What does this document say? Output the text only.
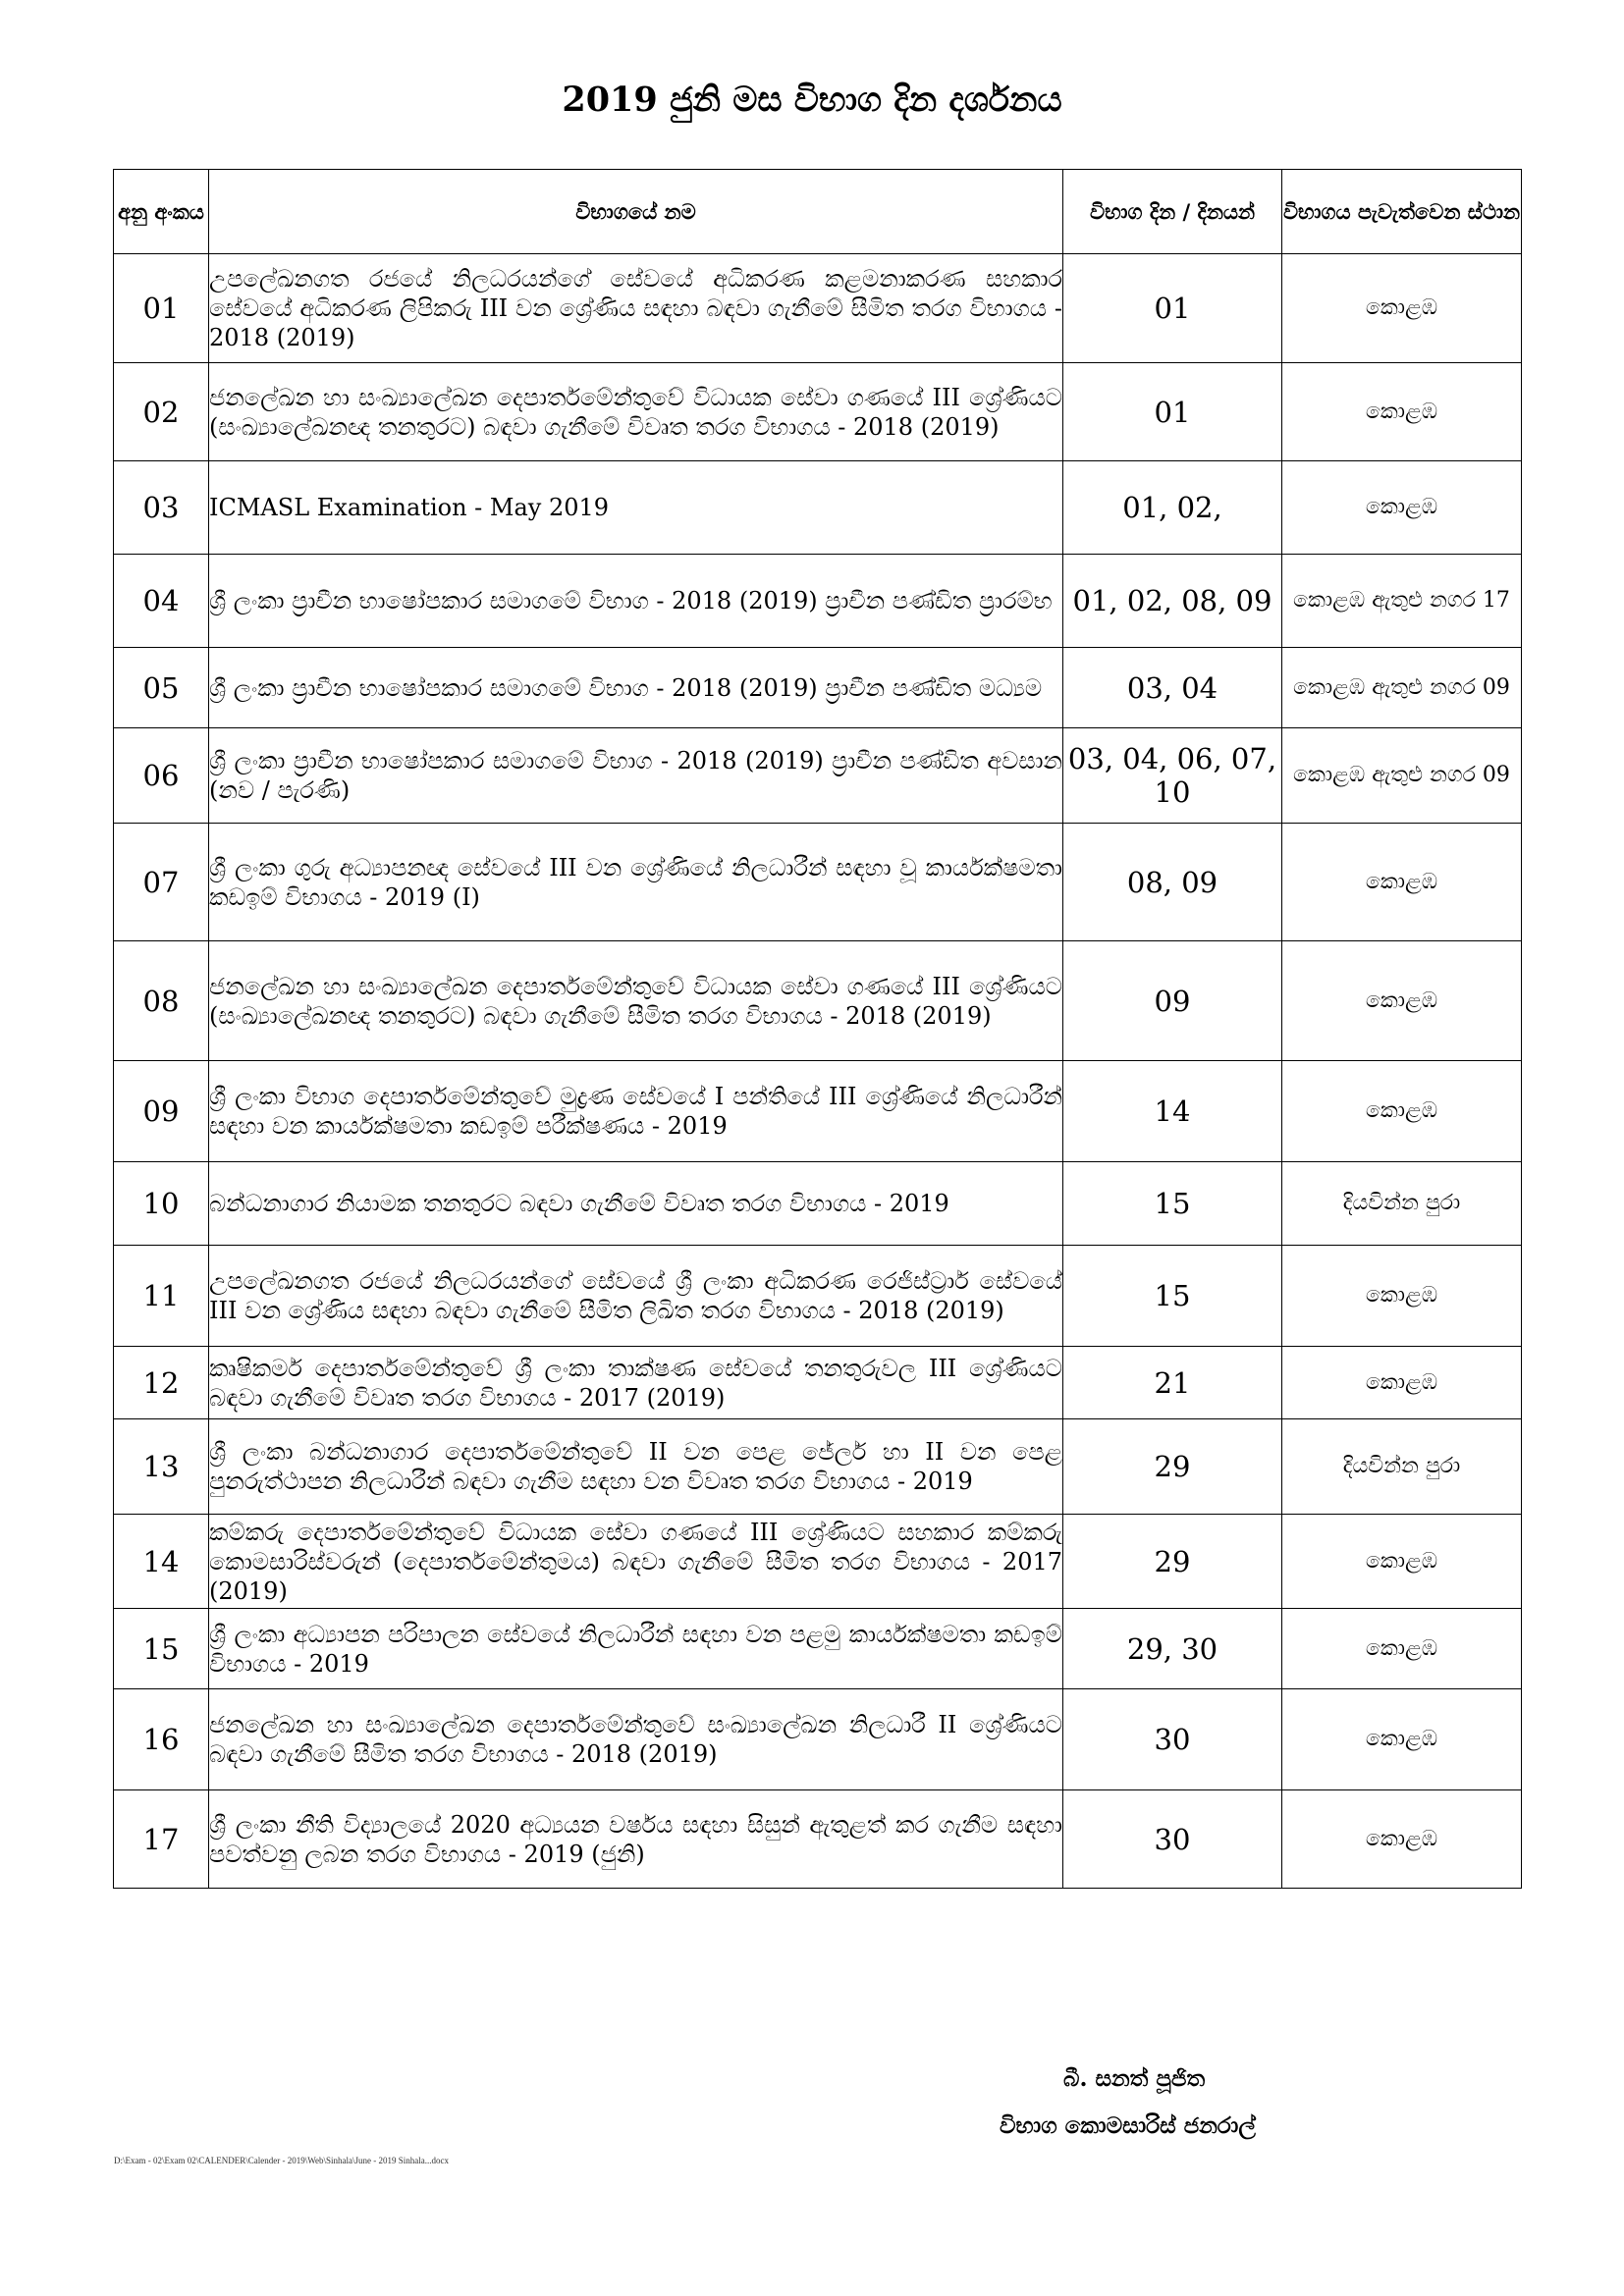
2019 ජුනි මස විභාග දින දර්ශනය
අනු අංකය	විභාගයේ නම	විභාග දින / දිනයන්	විභාගය පැවැත්වෙන ස්ථාන
01	උපලේඛනගත රජයේ නිලධරයන්ගේ සේවයේ අධිකරණ කළමනාකරණ සහකාර සේවයේ අධිකරණ ලිපිකරු III වන ශ්‍රේණිය සඳහා බඳවා ගැනීමේ සීමිත තරග විභාගය - 2018 (2019)	01	කොළඹ
02	ජනලේඛන හා සංඛ්‍යාලේඛන දෙපාර්තමේන්තුවේ විධායක සේවා ගණයේ III ශ්‍රේණියට (සංඛ්‍යාලේඛනඥ තනතුරට) බඳවා ගැනීමේ විවෘත තරග විභාගය - 2018 (2019)	01	කොළඹ
03	ICMASL Examination - May 2019	01, 02,	කොළඹ
04	ශ්‍රී ලංකා ප්‍රාචීන භාෂෝපකාර සමාගමේ විභාග - 2018 (2019) ප්‍රාචීන පණ්ඩිත ප්‍රාරම්භ	01, 02, 08, 09	කොළඹ ඇතුළු නගර 17
05	ශ්‍රී ලංකා ප්‍රාචීන භාෂෝපකාර සමාගමේ විභාග - 2018 (2019) ප්‍රාචීන පණ්ඩිත මධ්‍යම	03, 04	කොළඹ ඇතුළු නගර 09
06	ශ්‍රී ලංකා ප්‍රාචීන භාෂෝපකාර සමාගමේ විභාග - 2018 (2019) ප්‍රාචීන පණ්ඩිත අවසාන (නව / පැරණි)	03, 04, 06, 07, 10	කොළඹ ඇතුළු නගර 09
07	ශ්‍රී ලංකා ගුරු අධ්‍යාපනඥ සේවයේ III වන ශ්‍රේණියේ නිලධාරීන් සඳහා වූ කාර්යක්ෂමතා කඩඉම් විභාගය - 2019 (I)	08, 09	කොළඹ
08	ජනලේඛන හා සංඛ්‍යාලේඛන දෙපාර්තමේන්තුවේ විධායක සේවා ගණයේ III ශ්‍රේණියට (සංඛ්‍යාලේඛනඥ තනතුරට) බඳවා ගැනීමේ සීමිත තරග විභාගය - 2018 (2019)	09	කොළඹ
09	ශ්‍රී ලංකා විභාග දෙපාර්තමේන්තුවේ මුද්‍රණ සේවයේ I පන්තියේ III ශ්‍රේණියේ නිලධාරීන් සඳහා වන කාර්යක්ෂමතා කඩඉම් පරීක්ෂණය - 2019	14	කොළඹ
10	බන්ධනාගාර නියාමක තනතුරට බඳවා ගැනීමේ විවෘත තරග විභාගය - 2019	15	දියවින්න පුරා
11	උපලේඛනගත රජයේ නිලධරයන්ගේ සේවයේ ශ්‍රී ලංකා අධිකරණ රෙජිස්ට්‍රාර් සේවයේ III වන ශ්‍රේණිය සඳහා බඳවා ගැනීමේ සීමිත ලිඛිත තරග විභාගය - 2018 (2019)	15	කොළඹ
12	කෘෂිකර්ම දෙපාර්තමේන්තුවේ ශ්‍රී ලංකා තාක්ෂණ සේවයේ තනතුරුවල III ශ්‍රේණියට බඳවා ගැනීමේ විවෘත තරග විභාගය - 2017 (2019)	21	කොළඹ
13	ශ්‍රී ලංකා බන්ධනාගාර දෙපාර්තමේන්තුවේ II වන පෙළ ජේලර් හා II වන පෙළ පුනරුත්ථාපන නිලධාරීන් බඳවා ගැනීම සඳහා වන විවෘත තරග විභාගය - 2019	29	දියවින්න පුරා
14	කම්කරු දෙපාර්තමේන්තුවේ විධායක සේවා ගණයේ III ශ්‍රේණියට සහකාර කම්කරු කොමසාරිස්වරුන් (දෙපාර්තමේන්තුමය) බඳවා ගැනීමේ සීමිත තරග විභාගය - 2017 (2019)	29	කොළඹ
15	ශ්‍රී ලංකා අධ්‍යාපන පරිපාලන සේවයේ නිලධාරීන් සඳහා වන පළමු කාර්යක්ෂමතා කඩඉම් විභාගය - 2019	29, 30	කොළඹ
16	ජනලේඛන හා සංඛ්‍යාලේඛන දෙපාර්තමේන්තුවේ සංඛ්‍යාලේඛන නිලධාරී II ශ්‍රේණියට බඳවා ගැනීමේ සීමිත තරග විභාගය - 2018 (2019)	30	කොළඹ
17	ශ්‍රී ලංකා නීති විද්‍යාලයේ 2020 අධ්‍යයන වර්ෂය සඳහා සිසුන් ඇතුළත් කර ගැනීම සඳහා පවත්වනු ලබන තරග විභාගය - 2019 (ජුනි)	30	කොළඹ
බී. සනත් පූජිත
විභාග කොමසාරිස් ජනරාල්
D:\Exam - 02\Exam 02\CALENDER\Calender - 2019\Web\Sinhala\June - 2019 Sinhala...docx
